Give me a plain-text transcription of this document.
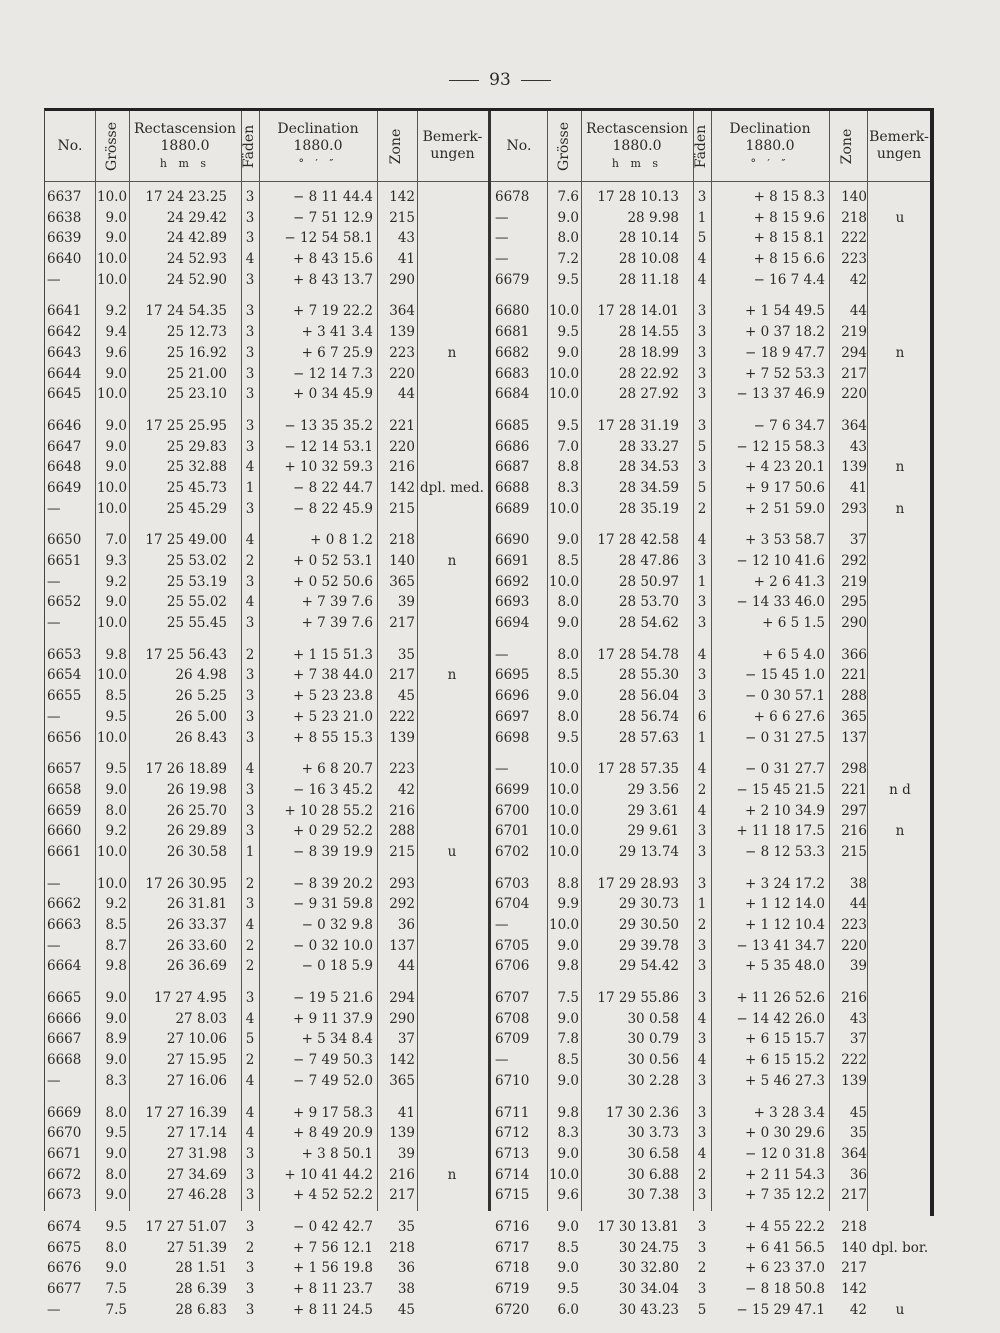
93
No. Grösse Rectascension
1880.0
h m s Fäden Declination
1880.0
° ′ ″	Zone Bemerk-
ungen
6637	10.0	17 24 23.25 3	− 8 11 44.4	142
6638	9.0	24 29.42 3	− 7 51 12.9	215
6639	9.0	24 42.89 3	− 12 54 58.1	43
6640	10.0	24 52.93 4	+ 8 43 15.6	41
—	10.0	24 52.90 3	+ 8 43 13.7	290
6641	9.2	17 24 54.35 3	+ 7 19 22.2	364
6642	9.4	25 12.73 3	+ 3 41 3.4	139
6643	9.6	25 16.92 3	+ 6 7 25.9	223	n
6644	9.0	25 21.00 3	− 12 14 7.3	220
6645	10.0	25 23.10 3	+ 0 34 45.9	44
6646	9.0	17 25 25.95 3	− 13 35 35.2	221
6647	9.0	25 29.83 3	− 12 14 53.1	220
6648	9.0	25 32.88 4	+ 10 32 59.3	216
6649	10.0	25 45.73 1	− 8 22 44.7	142 dpl. med.
—	10.0	25 45.29 3	− 8 22 45.9	215
6650	7.0	17 25 49.00 4	+ 0 8 1.2	218
6651	9.3	25 53.02 2	+ 0 52 53.1	140	n
—	9.2	25 53.19 3	+ 0 52 50.6	365
6652	9.0	25 55.02 4	+ 7 39 7.6	39
—	10.0	25 55.45 3	+ 7 39 7.6	217
6653	9.8	17 25 56.43 2	+ 1 15 51.3	35
6654	10.0	26 4.98 3	+ 7 38 44.0	217	n
6655	8.5	26 5.25 3	+ 5 23 23.8	45
—	9.5	26 5.00 3	+ 5 23 21.0	222
6656	10.0	26 8.43 3	+ 8 55 15.3	139
6657	9.5	17 26 18.89 4	+ 6 8 20.7	223
6658	9.0	26 19.98 3	− 16 3 45.2	42
6659	8.0	26 25.70 3	+ 10 28 55.2	216
6660	9.2	26 29.89 3	+ 0 29 52.2	288
6661	10.0	26 30.58 1	− 8 39 19.9	215	u
—	10.0	17 26 30.95 2	− 8 39 20.2	293
6662	9.2	26 31.81 3	− 9 31 59.8	292
6663	8.5	26 33.37 4	− 0 32 9.8	36
—	8.7	26 33.60 2	− 0 32 10.0	137
6664	9.8	26 36.69 2	− 0 18 5.9	44
6665	9.0	17 27 4.95 3	− 19 5 21.6	294
6666	9.0	27 8.03 4	+ 9 11 37.9	290
6667	8.9	27 10.06 5	+ 5 34 8.4	37
6668	9.0	27 15.95 2	− 7 49 50.3	142
—	8.3	27 16.06 4	− 7 49 52.0	365
6669	8.0	17 27 16.39 4	+ 9 17 58.3	41
6670	9.5	27 17.14 4	+ 8 49 20.9	139
6671	9.0	27 31.98 3	+ 3 8 50.1	39
6672	8.0	27 34.69 3	+ 10 41 44.2	216	n
6673	9.0	27 46.28 3	+ 4 52 52.2	217
6674	9.5	17 27 51.07 3	− 0 42 42.7	35
6675	8.0	27 51.39 2	+ 7 56 12.1	218
6676	9.0	28 1.51 3	+ 1 56 19.8	36
6677	7.5	28 6.39 3	+ 8 11 23.7	38
—	7.5	28 6.83 3	+ 8 11 24.5	45
No. Grösse Rectascension
1880.0
h m s Fäden Declination
1880.0
° ′ ″	Zone Bemerk-
ungen
6678	7.6	17 28 10.13 3	+ 8 15 8.3	140
—	9.0	28 9.98 1	+ 8 15 9.6	218	u
—	8.0	28 10.14 5	+ 8 15 8.1	222
—	7.2	28 10.08 4	+ 8 15 6.6	223
6679	9.5	28 11.18 4	− 16 7 4.4	42
6680	10.0	17 28 14.01 3	+ 1 54 49.5	44
6681	9.5	28 14.55 3	+ 0 37 18.2	219
6682	9.0	28 18.99 3	− 18 9 47.7	294	n
6683	10.0	28 22.92 3	+ 7 52 53.3	217
6684	10.0	28 27.92 3	− 13 37 46.9	220
6685	9.5	17 28 31.19 3	− 7 6 34.7	364
6686	7.0	28 33.27 5	− 12 15 58.3	43
6687	8.8	28 34.53 3	+ 4 23 20.1	139	n
6688	8.3	28 34.59 5	+ 9 17 50.6	41
6689	10.0	28 35.19 2	+ 2 51 59.0	293	n
6690	9.0	17 28 42.58 4	+ 3 53 58.7	37
6691	8.5	28 47.86 3	− 12 10 41.6	292
6692	10.0	28 50.97 1	+ 2 6 41.3	219
6693	8.0	28 53.70 3	− 14 33 46.0	295
6694	9.0	28 54.62 3	+ 6 5 1.5	290
—	8.0	17 28 54.78 4	+ 6 5 4.0	366
6695	8.5	28 55.30 3	− 15 45 1.0	221
6696	9.0	28 56.04 3	− 0 30 57.1	288
6697	8.0	28 56.74 6	+ 6 6 27.6	365
6698	9.5	28 57.63 1	− 0 31 27.5	137
—	10.0	17 28 57.35 4	− 0 31 27.7	298
6699	10.0	29 3.56 2	− 15 45 21.5	221	n d
6700	10.0	29 3.61 4	+ 2 10 34.9	297
6701	10.0	29 9.61 3	+ 11 18 17.5	216	n
6702	10.0	29 13.74 3	− 8 12 53.3	215
6703	8.8	17 29 28.93 3	+ 3 24 17.2	38
6704	9.9	29 30.73 1	+ 1 12 14.0	44
—	10.0	29 30.50 2	+ 1 12 10.4	223
6705	9.0	29 39.78 3	− 13 41 34.7	220
6706	9.8	29 54.42 3	+ 5 35 48.0	39
6707	7.5	17 29 55.86 3	+ 11 26 52.6	216
6708	9.0	30 0.58 4	− 14 42 26.0	43
6709	7.8	30 0.79 3	+ 6 15 15.7	37
—	8.5	30 0.56 4	+ 6 15 15.2	222
6710	9.0	30 2.28 3	+ 5 46 27.3	139
6711	9.8	17 30 2.36 3	+ 3 28 3.4	45
6712	8.3	30 3.73 3	+ 0 30 29.6	35
6713	9.0	30 6.58 4	− 12 0 31.8	364
6714	10.0	30 6.88 2	+ 2 11 54.3	36
6715	9.6	30 7.38 3	+ 7 35 12.2	217
6716	9.0	17 30 13.81 3	+ 4 55 22.2	218
6717	8.5	30 24.75 3	+ 6 41 56.5	140 dpl. bor.
6718	9.0	30 32.80 2	+ 6 23 37.0	217
6719	9.5	30 34.04 3	− 8 18 50.8	142
6720	6.0	30 43.23 5	− 15 29 47.1	42	u
